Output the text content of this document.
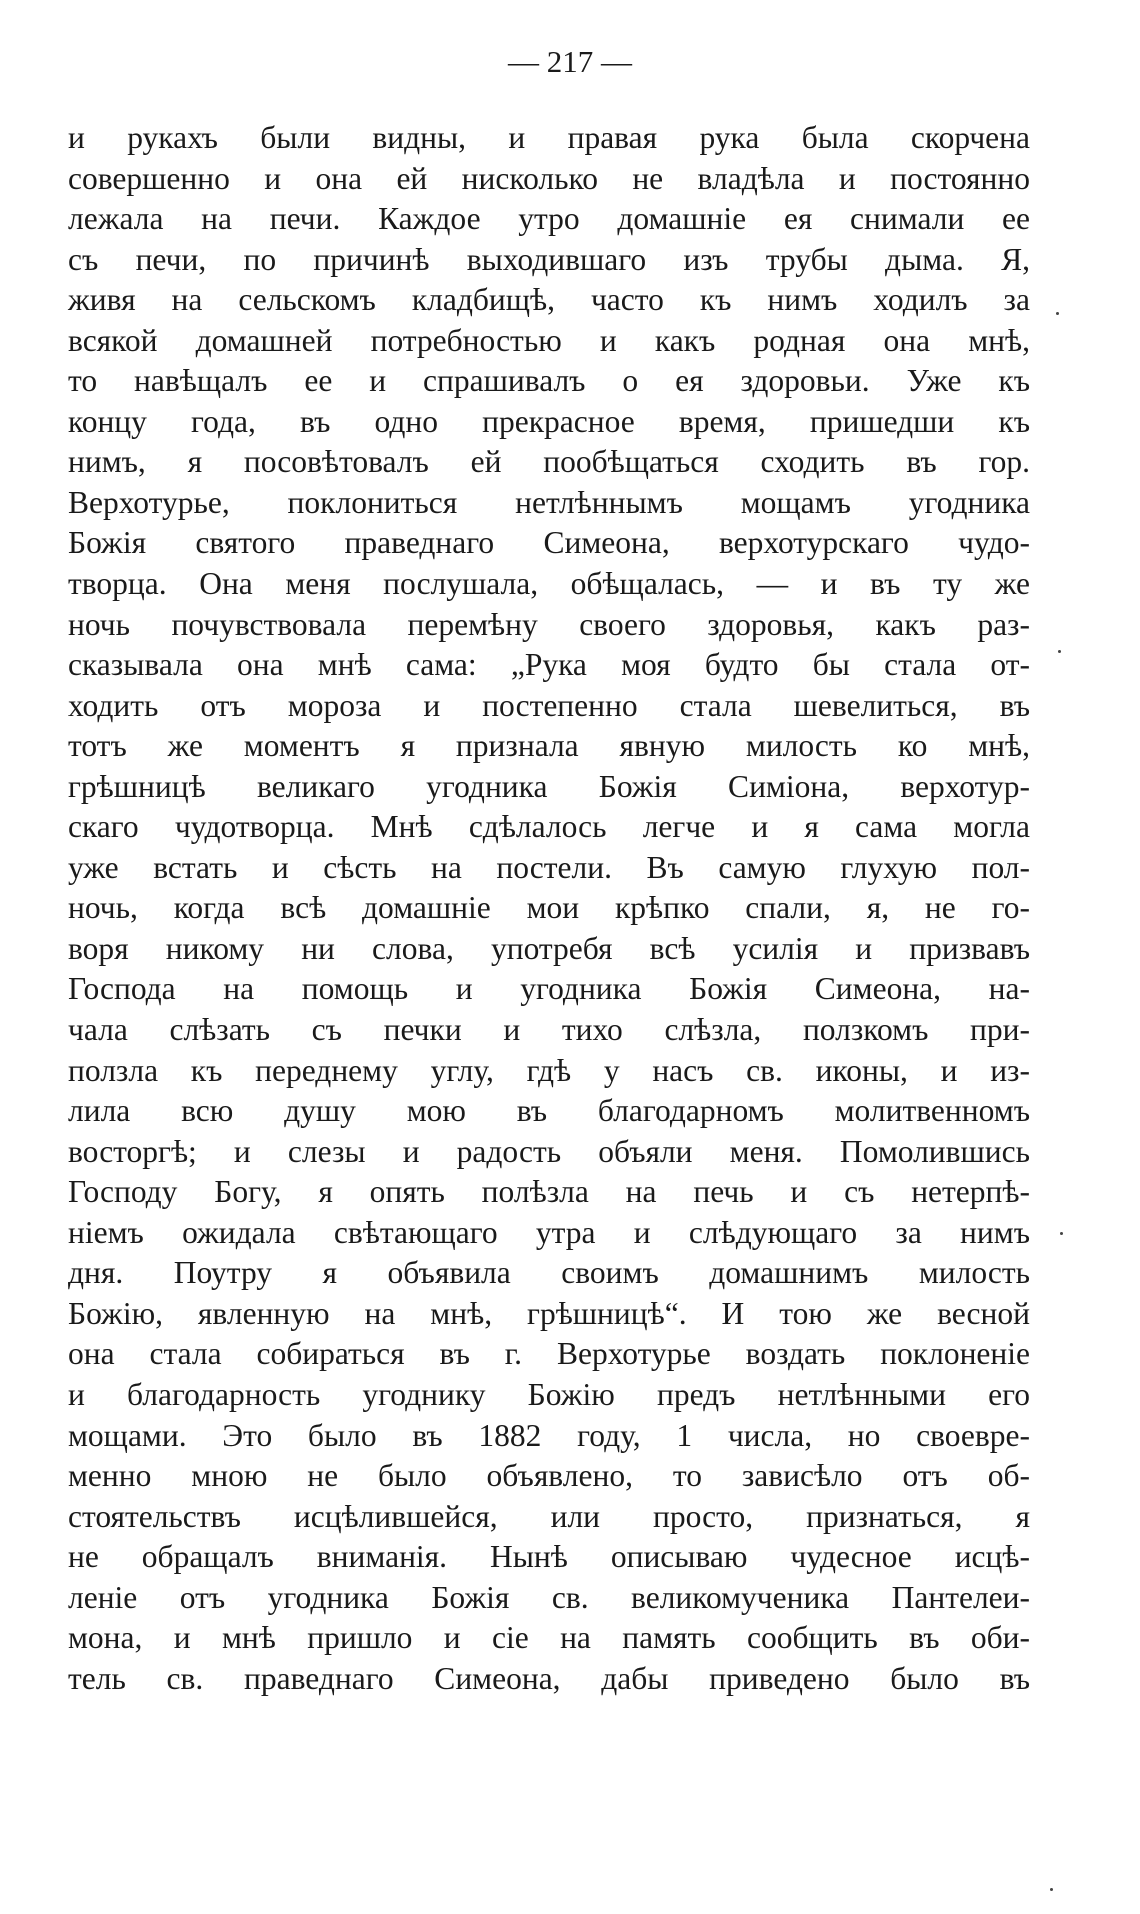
— 217 —
и рукахъ были видны, и правая рука была скорчена
совершенно и она ей нисколько не владѣла и постоянно
лежала на печи. Каждое утро домашніе ея снимали ее
съ печи, по причинѣ выходившаго изъ трубы дыма. Я,
живя на сельскомъ кладбищѣ, часто къ нимъ ходилъ за
всякой домашней потребностью и какъ родная она мнѣ,
то навѣщалъ ее и спрашивалъ о ея здоровьи. Уже къ
концу года, въ одно прекрасное время, пришедши къ
нимъ, я посовѣтовалъ ей пообѣщаться сходить въ гор.
Верхотурье, поклониться нетлѣннымъ мощамъ угодника
Божія святого праведнаго Симеона, верхотурскаго чудо-
творца. Она меня послушала, обѣщалась, — и въ ту же
ночь почувствовала перемѣну своего здоровья, какъ раз-
сказывала она мнѣ сама: „Рука моя будто бы стала от-
ходить отъ мороза и постепенно стала шевелиться, въ
тотъ же моментъ я признала явную милость ко мнѣ,
грѣшницѣ великаго угодника Божія Симіона, верхотур-
скаго чудотворца. Мнѣ сдѣлалось легче и я сама могла
уже встать и сѣсть на постели. Въ самую глухую пол-
ночь, когда всѣ домашніе мои крѣпко спали, я, не го-
воря никому ни слова, употребя всѣ усилія и призвавъ
Господа на помощь и угодника Божія Симеона, на-
чала слѣзать съ печки и тихо слѣзла, ползкомъ при-
ползла къ переднему углу, гдѣ у насъ св. иконы, и из-
лила всю душу мою въ благодарномъ молитвенномъ
восторгѣ; и слезы и радость объяли меня. Помолившись
Господу Богу, я опять полѣзла на печь и съ нетерпѣ-
ніемъ ожидала свѣтающаго утра и слѣдующаго за нимъ
дня. Поутру я объявила своимъ домашнимъ милость
Божію, явленную на мнѣ, грѣшницѣ“. И тою же весной
она стала собираться въ г. Верхотурье воздать поклоненіе
и благодарность угоднику Божію предъ нетлѣнными его
мощами. Это было въ 1882 году, 1 числа, но своевре-
менно мною не было объявлено, то зависѣло отъ об-
стоятельствъ исцѣлившейся, или просто, признаться, я
не обращалъ вниманія. Нынѣ описываю чудесное исцѣ-
леніе отъ угодника Божія св. великомученика Пантелеи-
мона, и мнѣ пришло и сіе на память сообщить въ оби-
тель св. праведнаго Симеона, дабы приведено было въ
